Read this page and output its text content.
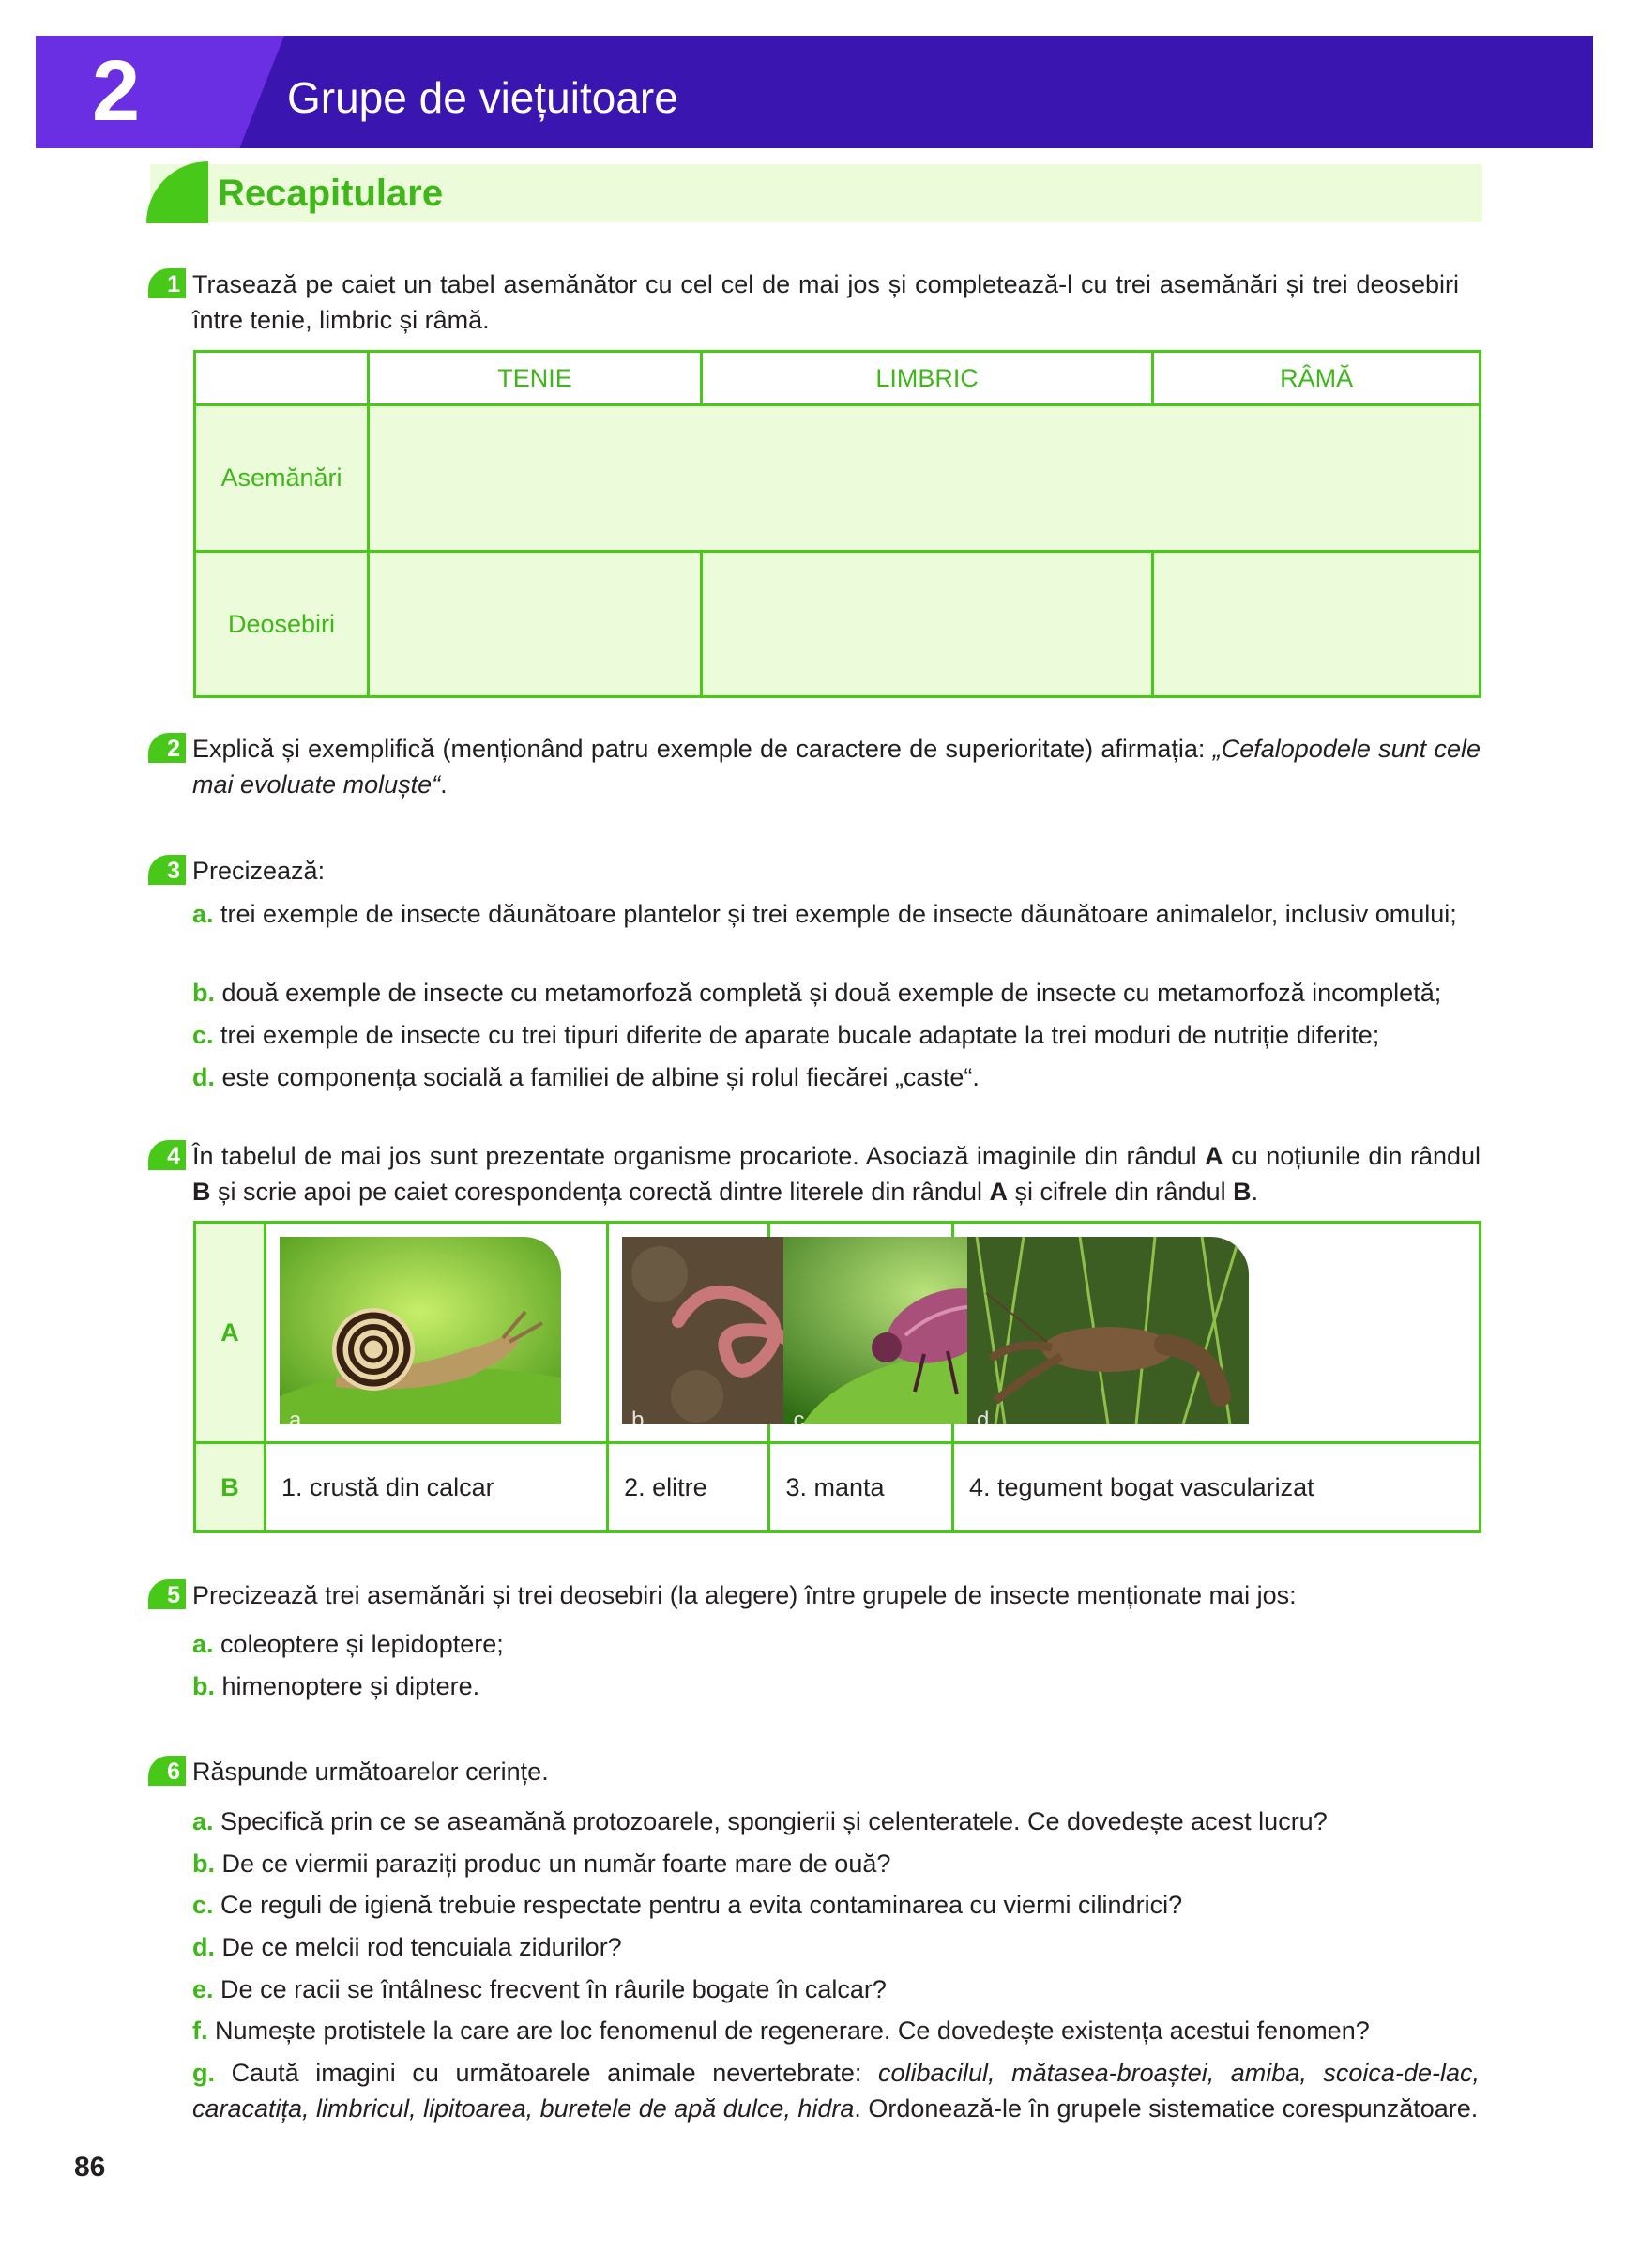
2	Grupe de viețuitoare
Recapitulare
1 Trasează pe caiet un tabel asemănător cu cel cel de mai jos și completează-l cu trei asemănări și trei deosebiri între tenie, limbric și râmă.
	TENIE	LIMBRIC	RÂMĂ
Asemănări			
Deosebiri			
2 Explică și exemplifică (menționând patru exemple de caractere de superioritate) afirmația: „Cefalopodele sunt cele mai evoluate moluște“.
3 Precizează:
a. trei exemple de insecte dăunătoare plantelor și trei exemple de insecte dăunătoare animalelor, inclusiv omului;
b. două exemple de insecte cu metamorfoză completă și două exemple de insecte cu metamorfoză incompletă;
c. trei exemple de insecte cu trei tipuri diferite de aparate bucale adaptate la trei moduri de nutriție diferite;
d. este componența socială a familiei de albine și rolul fiecărei „caste“.
4 În tabelul de mai jos sunt prezentate organisme procariote. Asociază imaginile din rândul A cu noțiunile din rândul B și scrie apoi pe caiet corespondența corectă dintre literele din rândul A și cifrele din rândul B.
A	a	b	c	d

B	1. crustă din calcar	2. elitre	3. manta	4. tegument bogat vascularizat
5 Precizează trei asemănări și trei deosebiri (la alegere) între grupele de insecte menționate mai jos:
a. coleoptere și lepidoptere;
b. himenoptere și diptere.
6 Răspunde următoarelor cerințe.
a. Specifică prin ce se aseamănă protozoarele, spongierii și celenteratele. Ce dovedește acest lucru?
b. De ce viermii paraziți produc un număr foarte mare de ouă?
c. Ce reguli de igienă trebuie respectate pentru a evita contaminarea cu viermi cilindrici?
d. De ce melcii rod tencuiala zidurilor?
e. De ce racii se întâlnesc frecvent în râurile bogate în calcar?
f. Numește protistele la care are loc fenomenul de regenerare. Ce dovedește existența acestui fenomen?
g. Caută imagini cu următoarele animale nevertebrate: colibacilul, mătasea-broaștei, amiba, scoica-de-lac, caracatița, limbricul, lipitoarea, buretele de apă dulce, hidra. Ordonează-le în grupele sistematice corespunzătoare.
86
